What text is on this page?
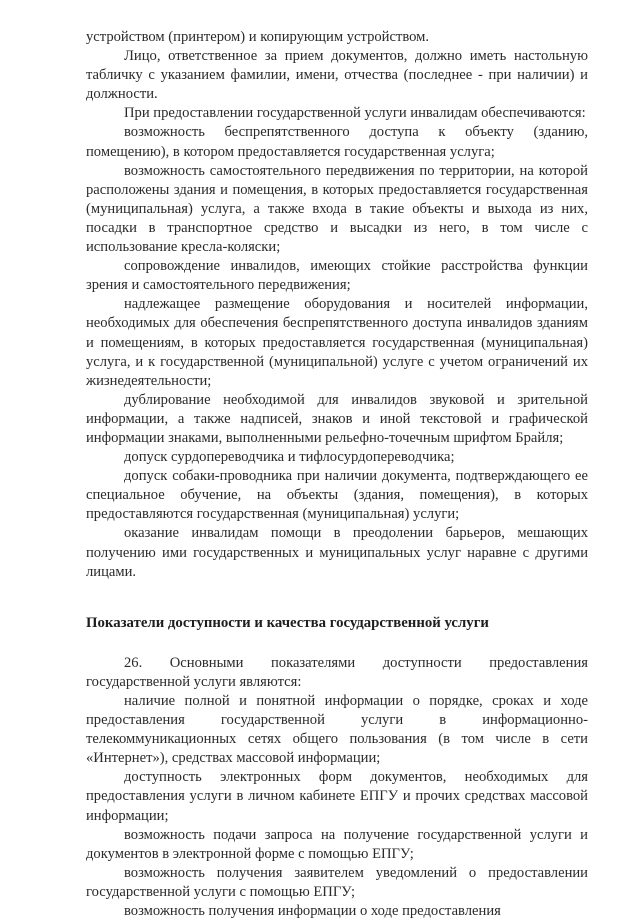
устройством (принтером) и копирующим устройством.

Лицо, ответственное за прием документов, должно иметь настольную табличку с указанием фамилии, имени, отчества (последнее - при наличии) и должности.

При предоставлении государственной услуги инвалидам обеспечиваются:

возможность беспрепятственного доступа к объекту (зданию, помещению), в котором предоставляется государственная услуга;

возможность самостоятельного передвижения по территории, на которой расположены здания и помещения, в которых предоставляется государственная (муниципальная) услуга, а также входа в такие объекты и выхода из них, посадки в транспортное средство и высадки из него, в том числе с использование кресла-коляски;

сопровождение инвалидов, имеющих стойкие расстройства функции зрения и самостоятельного передвижения;

надлежащее размещение оборудования и носителей информации, необходимых для обеспечения беспрепятственного доступа инвалидов зданиям и помещениям, в которых предоставляется государственная (муниципальная) услуга, и к государственной (муниципальной) услуге с учетом ограничений их жизнедеятельности;

дублирование необходимой для инвалидов звуковой и зрительной информации, а также надписей, знаков и иной текстовой и графической информации знаками, выполненными рельефно-точечным шрифтом Брайля;

допуск сурдопереводчика и тифлосурдопереводчика;

допуск собаки-проводника при наличии документа, подтверждающего ее специальное обучение, на объекты (здания, помещения), в которых предоставляются государственная (муниципальная) услуги;

оказание инвалидам помощи в преодолении барьеров, мешающих получению ими государственных и муниципальных услуг наравне с другими лицами.

Показатели доступности и качества государственной услуги

26. Основными показателями доступности предоставления государственной услуги являются:

наличие полной и понятной информации о порядке, сроках и ходе предоставления государственной услуги в информационно-телекоммуникационных сетях общего пользования (в том числе в сети «Интернет»), средствах массовой информации;

доступность электронных форм документов, необходимых для предоставления услуги в личном кабинете ЕПГУ и прочих средствах массовой информации;

возможность подачи запроса на получение государственной услуги и документов в электронной форме с помощью ЕПГУ;

возможность получения заявителем уведомлений о предоставлении государственной услуги с помощью ЕПГУ;

возможность получения информации о ходе предоставления
